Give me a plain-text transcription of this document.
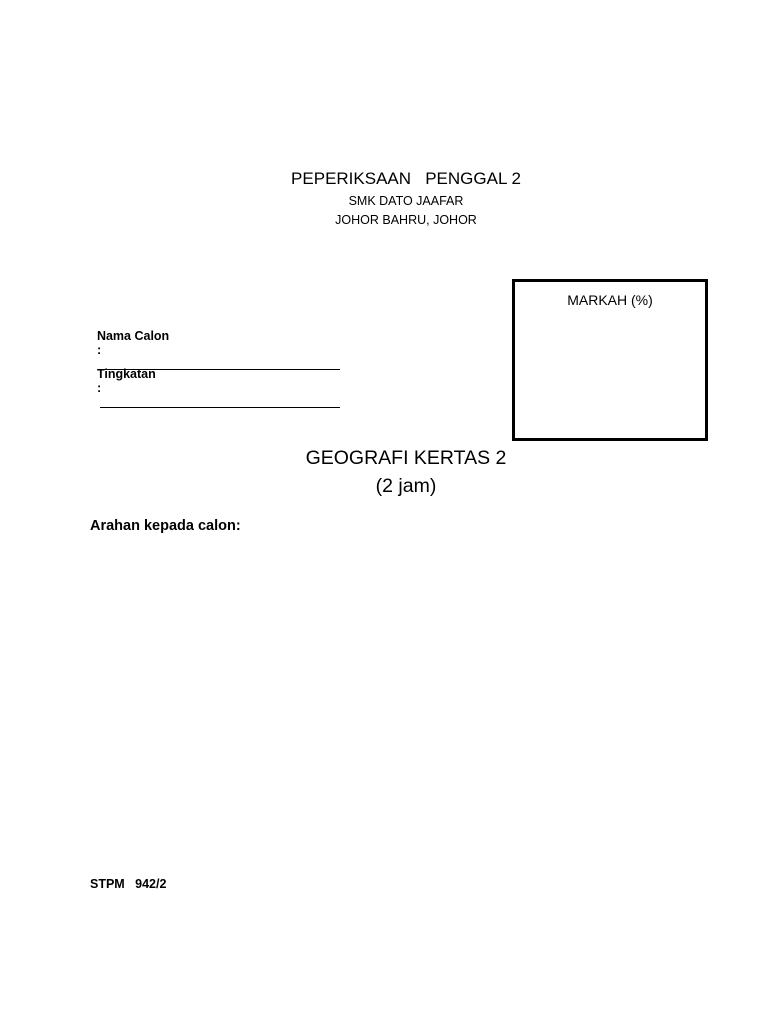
PEPERIKSAAN   PENGGAL 2
SMK DATO JAAFAR
JOHOR BAHRU, JOHOR

Nama Calon
:

Tingkatan
:

MARKAH (%)
GEOGRAFI KERTAS 2
(2 jam)
Arahan kepada calon:
STPM   942/2
